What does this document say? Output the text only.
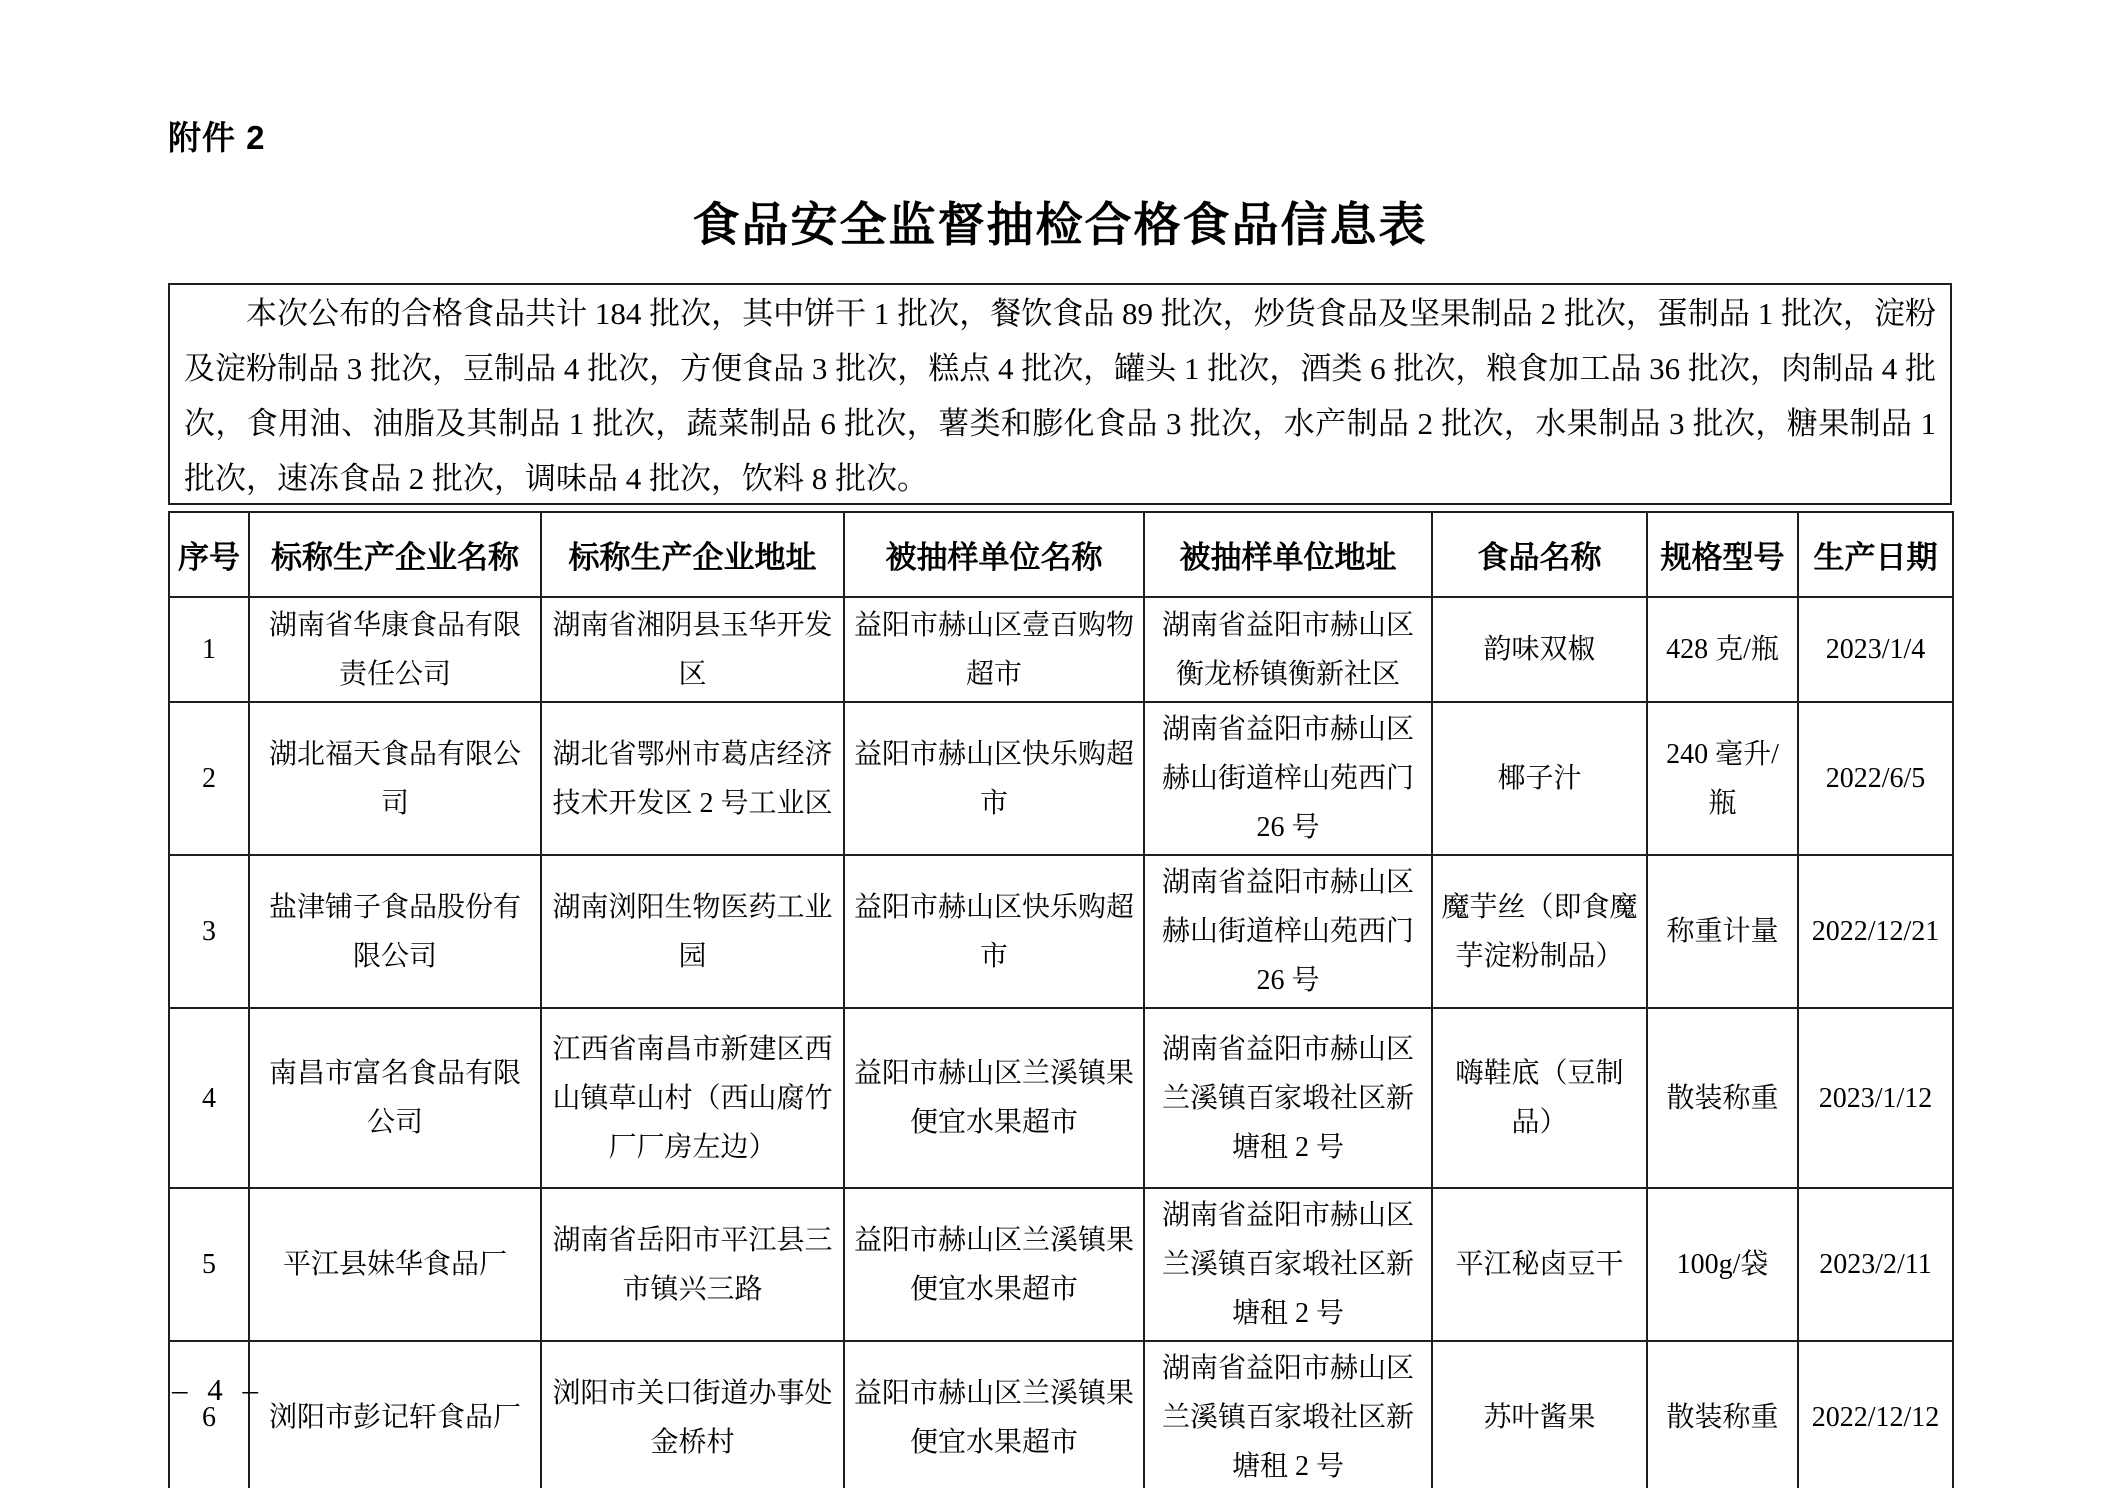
附件 2
食品安全监督抽检合格食品信息表

本次公布的合格食品共计 184 批次，其中饼干 1 批次，餐饮食品 89 批次，炒货食品及坚果制品 2 批次，蛋制品 1 批次，淀粉及淀粉制品 3 批次，豆制品 4 批次，方便食品 3 批次，糕点 4 批次，罐头 1 批次，酒类 6 批次，粮食加工品 36 批次，肉制品 4 批次，食用油、油脂及其制品 1 批次，蔬菜制品 6 批次，薯类和膨化食品 3 批次，水产制品 2 批次，水果制品 3 批次，糖果制品 1 批次，速冻食品 2 批次，调味品 4 批次，饮料 8 批次。

序号	标称生产企业名称	标称生产企业地址	被抽样单位名称	被抽样单位地址	食品名称	规格型号	生产日期
1	湖南省华康食品有限责任公司	湖南省湘阴县玉华开发区	益阳市赫山区壹百购物超市	湖南省益阳市赫山区衡龙桥镇衡新社区	韵味双椒	428 克/瓶	2023/1/4
2	湖北福天食品有限公司	湖北省鄂州市葛店经济技术开发区 2 号工业区	益阳市赫山区快乐购超市	湖南省益阳市赫山区赫山街道梓山苑西门 26 号	椰子汁	240 毫升/瓶	2022/6/5
3	盐津铺子食品股份有限公司	湖南浏阳生物医药工业园	益阳市赫山区快乐购超市	湖南省益阳市赫山区赫山街道梓山苑西门 26 号	魔芋丝（即食魔芋淀粉制品）	称重计量	2022/12/21
4	南昌市富名食品有限公司	江西省南昌市新建区西山镇草山村（西山腐竹厂厂房左边）	益阳市赫山区兰溪镇果便宜水果超市	湖南省益阳市赫山区兰溪镇百家塅社区新塘租 2 号	嗨鞋底（豆制品）	散装称重	2023/1/12
5	平江县妹华食品厂	湖南省岳阳市平江县三市镇兴三路	益阳市赫山区兰溪镇果便宜水果超市	湖南省益阳市赫山区兰溪镇百家塅社区新塘租 2 号	平江秘卤豆干	100g/袋	2023/2/11
6	浏阳市彭记轩食品厂	浏阳市关口街道办事处金桥村	益阳市赫山区兰溪镇果便宜水果超市	湖南省益阳市赫山区兰溪镇百家塅社区新塘租 2 号	苏叶酱果	散装称重	2022/12/12
– 4 –
